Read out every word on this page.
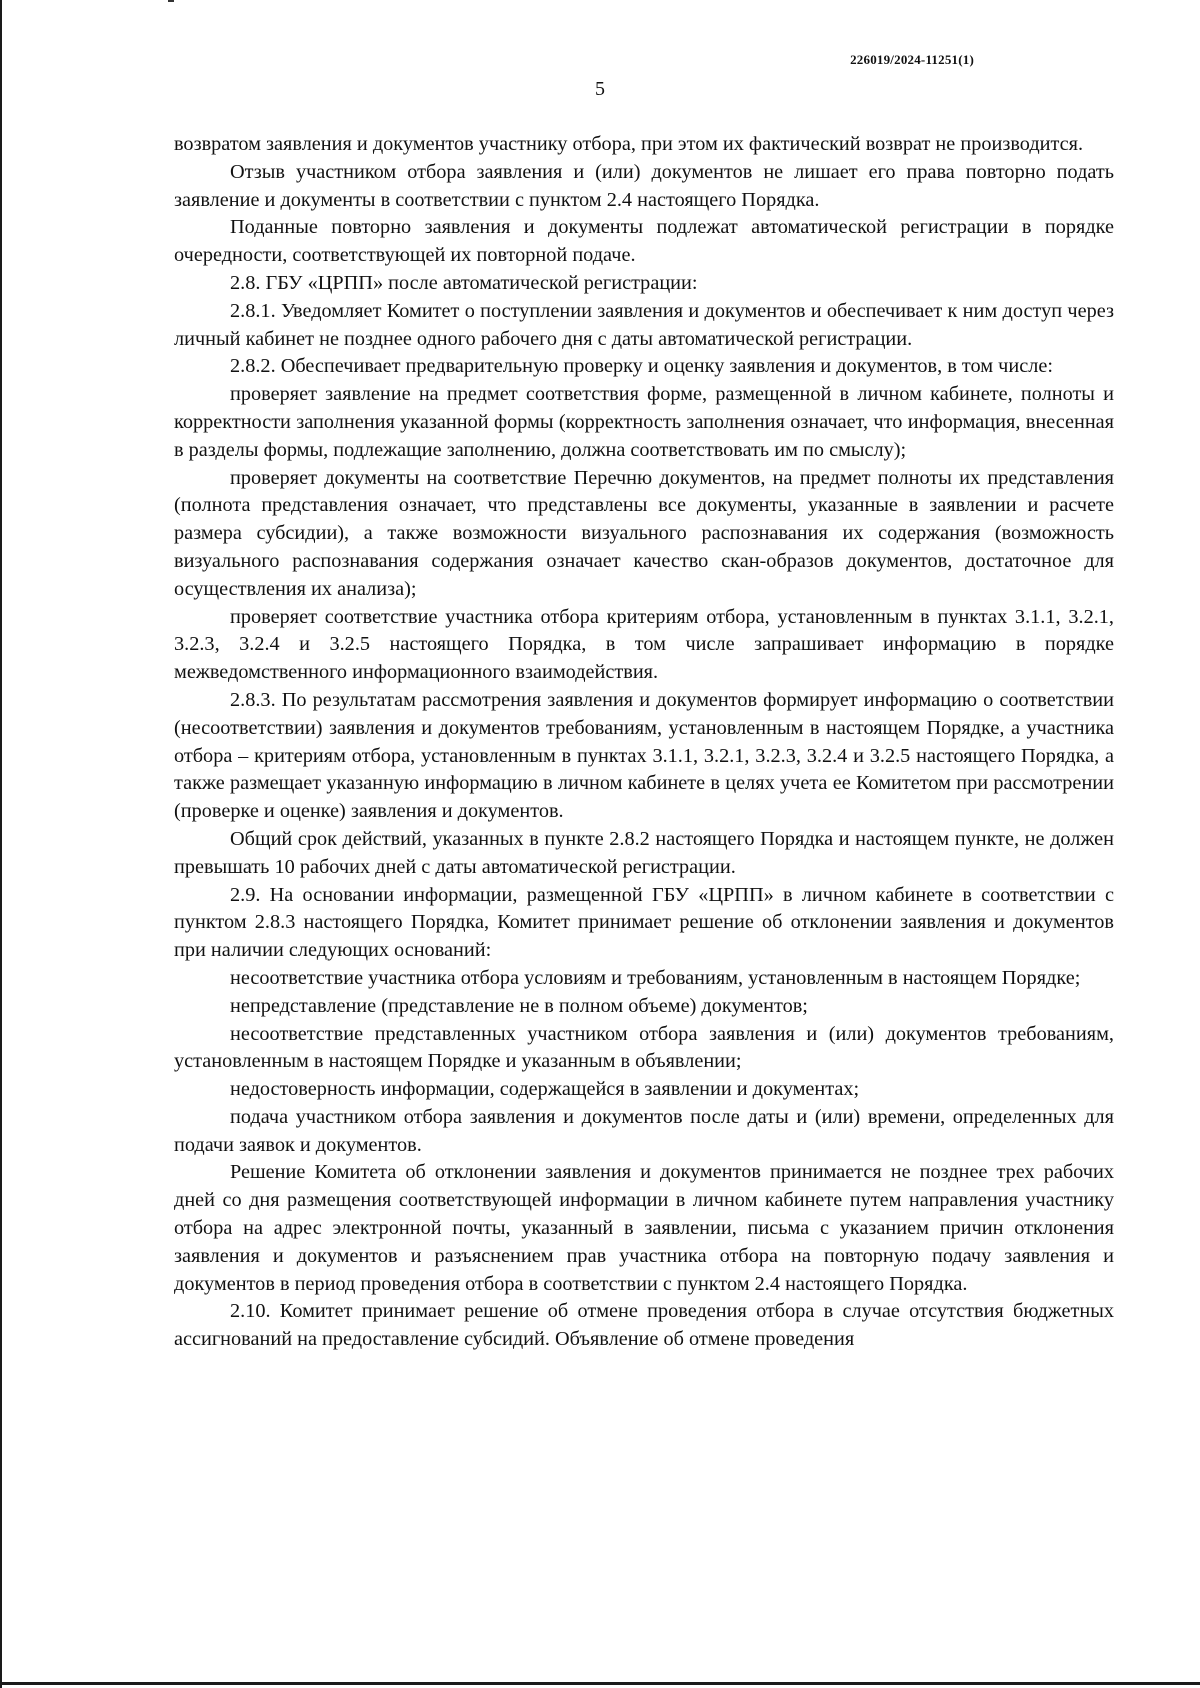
226019/2024-11251(1)
5

возвратом заявления и документов участнику отбора, при этом их фактический возврат не производится.

Отзыв участником отбора заявления и (или) документов не лишает его права повторно подать заявление и документы в соответствии с пунктом 2.4 настоящего Порядка.

Поданные повторно заявления и документы подлежат автоматической регистрации в порядке очередности, соответствующей их повторной подаче.

2.8. ГБУ «ЦРПП» после автоматической регистрации:

2.8.1. Уведомляет Комитет о поступлении заявления и документов и обеспечивает к ним доступ через личный кабинет не позднее одного рабочего дня с даты автоматической регистрации.

2.8.2. Обеспечивает предварительную проверку и оценку заявления и документов, в том числе:

проверяет заявление на предмет соответствия форме, размещенной в личном кабинете, полноты и корректности заполнения указанной формы (корректность заполнения означает, что информация, внесенная в разделы формы, подлежащие заполнению, должна соответствовать им по смыслу);

проверяет документы на соответствие Перечню документов, на предмет полноты их представления (полнота представления означает, что представлены все документы, указанные в заявлении и расчете размера субсидии), а также возможности визуального распознавания их содержания (возможность визуального распознавания содержания означает качество скан-образов документов, достаточное для осуществления их анализа);

проверяет соответствие участника отбора критериям отбора, установленным в пунктах 3.1.1, 3.2.1, 3.2.3, 3.2.4 и 3.2.5 настоящего Порядка, в том числе запрашивает информацию в порядке межведомственного информационного взаимодействия.

2.8.3. По результатам рассмотрения заявления и документов формирует информацию о соответствии (несоответствии) заявления и документов требованиям, установленным в настоящем Порядке, а участника отбора – критериям отбора, установленным в пунктах 3.1.1, 3.2.1, 3.2.3, 3.2.4 и 3.2.5 настоящего Порядка, а также размещает указанную информацию в личном кабинете в целях учета ее Комитетом при рассмотрении (проверке и оценке) заявления и документов.

Общий срок действий, указанных в пункте 2.8.2 настоящего Порядка и настоящем пункте, не должен превышать 10 рабочих дней с даты автоматической регистрации.

2.9. На основании информации, размещенной ГБУ «ЦРПП» в личном кабинете в соответствии с пунктом 2.8.3 настоящего Порядка, Комитет принимает решение об отклонении заявления и документов при наличии следующих оснований:

несоответствие участника отбора условиям и требованиям, установленным в настоящем Порядке;

непредставление (представление не в полном объеме) документов;

несоответствие представленных участником отбора заявления и (или) документов требованиям, установленным в настоящем Порядке и указанным в объявлении;

недостоверность информации, содержащейся в заявлении и документах;

подача участником отбора заявления и документов после даты и (или) времени, определенных для подачи заявок и документов.

Решение Комитета об отклонении заявления и документов принимается не позднее трех рабочих дней со дня размещения соответствующей информации в личном кабинете путем направления участнику отбора на адрес электронной почты, указанный в заявлении, письма с указанием причин отклонения заявления и документов и разъяснением прав участника отбора на повторную подачу заявления и документов в период проведения отбора в соответствии с пунктом 2.4 настоящего Порядка.

2.10. Комитет принимает решение об отмене проведения отбора в случае отсутствия бюджетных ассигнований на предоставление субсидий. Объявление об отмене проведения
